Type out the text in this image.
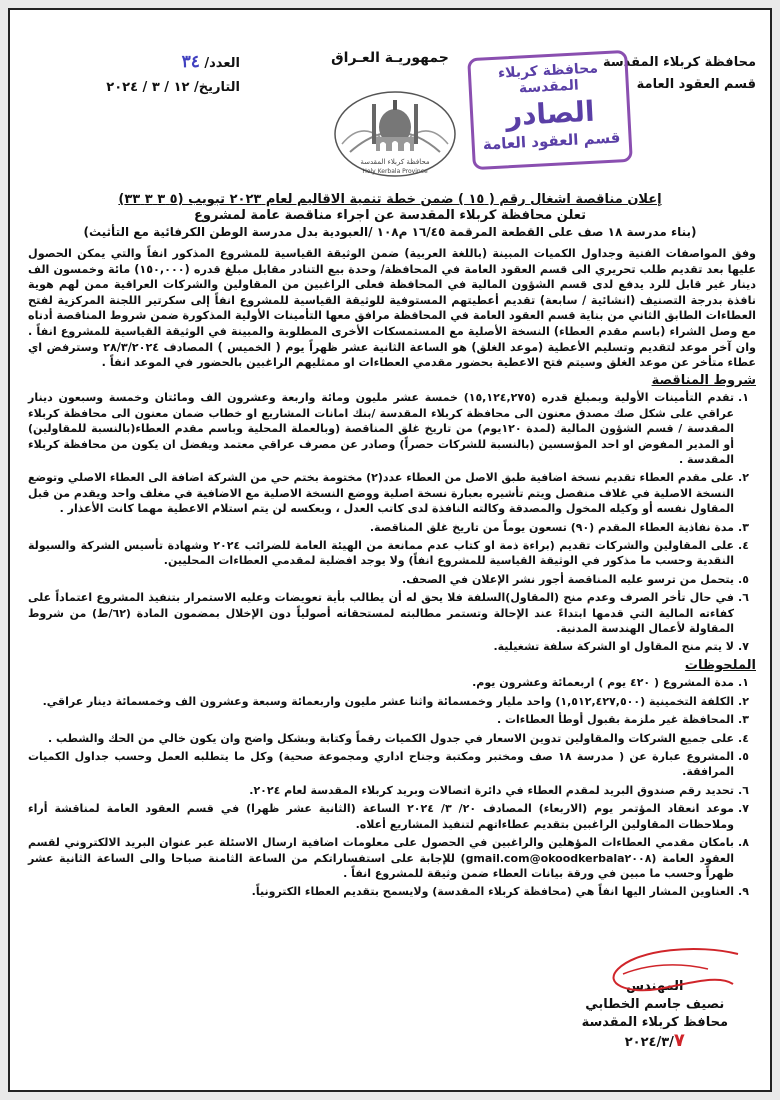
محافظة كربلاء المقدسة
قسم العقود العامة
جمهوريـة العـراق
العدد/ ٣٤
التاريخ/ ١٢ / ٣ / ٢٠٢٤
محافظة كربلاء المقدسة
الصادر
قسم العقود العامة
محافظة كربلاء المقدسة
Holy Kerbala Province
إعلان مناقصة اشغال رقم ( ١٥ ) ضمن خطة تنمية الاقاليم لعام ٢٠٢٣ تبويب (٥ ٣ ٣ ٣٣)
تعلن محافظة كربلاء المقدسة عن اجراء مناقصة عامة لمشروع
(بناء مدرسة ١٨ صف على القطعة المرقمة ١٦/٤٥ م١٠٨ /العبودية بدل مدرسة الوطن الكرفائية مع التأثيث)
وفق المواصفات الفنية وجداول الكميات المبينة (باللغة العربية) ضمن الوثيقة القياسية للمشروع المذكور انفاً والتي يمكن الحصول عليها بعد تقديم طلب تحريري الى قسم العقود العامة في المحافظة/ وحدة بيع التنادر مقابل مبلغ قدره (١٥٠,٠٠٠) مائة وخمسون الف دينار غير قابل للرد يدفع لدى قسم الشؤون المالية في المحافظة فعلى الراغبين من المقاولين والشركات العراقية ممن لهم هوية نافذة بدرجة التصنيف (انشائية / سابعة) تقديم أعطيتهم المستوفية للوثيقة القياسية للمشروع انفاً إلى سكرتير اللجنة المركزية لفتح العطاءات الطابق الثاني من بناية قسم العقود العامة في المحافظة مرافق معها التأمينات الأولية المذكورة ضمن شروط المناقصة أدناه مع وصل الشراء (باسم مقدم العطاء) النسخة الأصلية مع المستمسكات الأخرى المطلوبة والمبينة في الوثيقة القياسية للمشروع انفاً . وان آخر موعد لتقديم وتسليم الأعطية (موعد الغلق) هو الساعة الثانية عشر ظهراً يوم ( الخميس ) المصادف ٢٨/٣/٢٠٢٤ وسترفض اي عطاء متأخر عن موعد الغلق وسيتم فتح الاعطية بحضور مقدمي العطاءات او ممثليهم الراغبين بالحضور في الموعد انفاً .
شروط المناقصة
١.
تقدم التأمينات الأولية وبمبلغ قدره (١٥,١٢٤,٢٧٥) خمسة عشر مليون ومائة واربعة وعشرون الف ومائتان وخمسة وسبعون دينار عراقي على شكل صك مصدق معنون الى محافظة كربلاء المقدسة /بنك امانات المشاريع او خطاب ضمان معنون الى محافظة كربلاء المقدسة / قسم الشؤون المالية (لمدة ١٢٠يوم) من تاريخ غلق المناقصة (وبالعملة المحلية وباسم مقدم العطاء(بالنسبة للمقاولين) أو المدير المفوض او احد المؤسسين (بالنسبة للشركات حصراً) وصادر عن مصرف عراقي معتمد ويفضل ان يكون من محافظة كربلاء المقدسة .
٢.
على مقدم العطاء تقديم نسخة اضافية طبق الاصل من العطاء عدد(٢) مختومة بختم حي من الشركة اضافة الى العطاء الاصلي وتوضع النسخة الاصلية في غلاف منفصل ويتم تأشيره بعبارة نسخة اصلية ووضع النسخة الاصلية مع الاضافية في مغلف واحد ويقدم من قبل المقاول نفسه أو وكيله المخول والمصدقة وكالته النافذة لدى كاتب العدل ، وبعكسه لن يتم استلام الاعطية مهما كانت الأعذار .
٣.
مدة نفاذية العطاء المقدم (٩٠) تسعون يوماً من تاريخ غلق المناقصة.
٤.
على المقاولين والشركات تقديم (براءة ذمة او كتاب عدم ممانعة من الهيئة العامة للضرائب ٢٠٢٤ وشهادة تأسيس الشركة والسيولة النقدية وحسب ما مذكور في الوثيقة القياسية للمشروع انفاً) ولا يوجد افضلية لمقدمي العطاءات المحليين.
٥.
يتحمل من ترسو عليه المناقصة أجور نشر الإعلان في الصحف.
٦.
في حال تأخر الصرف وعدم منح (المقاول)السلفة فلا يحق له أن يطالب بأية تعويضات وعليه الاستمرار بتنفيذ المشروع اعتماداً على كفاءته المالية التي قدمها ابتداءً عند الإحالة وتستمر مطالبته لمستحقاته أصولياً دون الإخلال بمضمون المادة (٦٢/ط) من شروط المقاولة لأعمال الهندسة المدنية.
٧.
لا يتم منح المقاول او الشركة سلفة تشغيلية.
الملحوظات
١.
مدة المشروع ( ٤٢٠ يوم ) اربعمائة وعشرون يوم.
٢.
الكلفة التخمينية (١,٥١٢,٤٢٧,٥٠٠) واحد مليار وخمسمائة واثنا عشر مليون واربعمائة وسبعة وعشرون الف وخمسمائة دينار عراقي.
٣.
المحافظة غير ملزمة بقبول أوطأ العطاءات .
٤.
على جميع الشركات والمقاولين تدوين الاسعار في جدول الكميات رقماً وكتابة وبشكل واضح وان يكون خالي من الحك والشطب .
٥.
المشروع عبارة عن ( مدرسة ١٨ صف ومختبر ومكتبة وجناح اداري ومجموعة صحية) وكل ما يتطلبه العمل وحسب جداول الكميات المرافقة.
٦.
تحديد رقم صندوق البريد لمقدم العطاء في دائرة اتصالات وبريد كربلاء المقدسة لعام ٢٠٢٤.
٧.
موعد انعقاد المؤتمر يوم (الاربعاء) المصادف ٢٠/ ٣/ ٢٠٢٤ الساعة (الثانية عشر ظهرا) في قسم العقود العامة لمناقشة أراء وملاحظات المقاولين الراغبين بتقديم عطاءاتهم لتنفيذ المشاريع أعلاه.
٨.
بامكان مقدمي العطاءات المؤهلين والراغبين في الحصول على معلومات اضافية ارسال الاسئلة عبر عنوان البريد الالكتروني لقسم العقود العامة (okoodkerbala٢٠٠٨@gmail.com) للإجابة على استفساراتكم من الساعة الثامنة صباحا والى الساعة الثانية عشر ظهراً وحسب ما مبين في ورقة بيانات العطاء ضمن وثيقة للمشروع انفاً .
٩.
العناوين المشار اليها انفاً هي (محافظة كربلاء المقدسة) ولايسمح بتقديم العطاء الكترونياً.
المهندس
نصيف جاسم الخطابي
محافظ كربلاء المقدسة
٢٠٢٤/٣/٧
